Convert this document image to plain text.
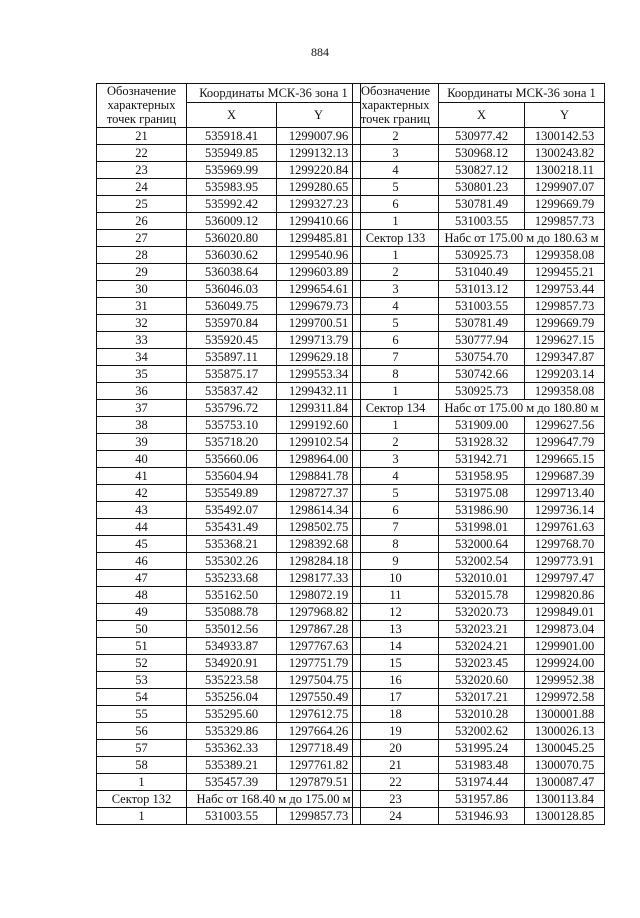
884
Обозначение характерных точек границ	Координаты МСК-36 зона 1	
	X	Y
21	535918.41	1299007.96
22	535949.85	1299132.13
23	535969.99	1299220.84
24	535983.95	1299280.65
25	535992.42	1299327.23
26	536009.12	1299410.66
27	536020.80	1299485.81
28	536030.62	1299540.96
29	536038.64	1299603.89
30	536046.03	1299654.61
31	536049.75	1299679.73
32	535970.84	1299700.51
33	535920.45	1299713.79
34	535897.11	1299629.18
35	535875.17	1299553.34
36	535837.42	1299432.11
37	535796.72	1299311.84
38	535753.10	1299192.60
39	535718.20	1299102.54
40	535660.06	1298964.00
41	535604.94	1298841.78
42	535549.89	1298727.37
43	535492.07	1298614.34
44	535431.49	1298502.75
45	535368.21	1298392.68
46	535302.26	1298284.18
47	535233.68	1298177.33
48	535162.50	1298072.19
49	535088.78	1297968.82
50	535012.56	1297867.28
51	534933.87	1297767.63
52	534920.91	1297751.79
53	535223.58	1297504.75
54	535256.04	1297550.49
55	535295.60	1297612.75
56	535329.86	1297664.26
57	535362.33	1297718.49
58	535389.21	1297761.82
1	535457.39	1297879.51
Сектор 132	Набс от 168.40 м до 175.00 м	

1	531003.55	1299857.73
Обозначение характерных точек границ	Координаты МСК-36 зона 1	
	X	Y
2	530977.42	1300142.53
3	530968.12	1300243.82
4	530827.12	1300218.11
5	530801.23	1299907.07
6	530781.49	1299669.79
1	531003.55	1299857.73
Сектор 133	Набс от 175.00 м до 180.63 м	

1	530925.73	1299358.08
2	531040.49	1299455.21
3	531013.12	1299753.44
4	531003.55	1299857.73
5	530781.49	1299669.79
6	530777.94	1299627.15
7	530754.70	1299347.87
8	530742.66	1299203.14
1	530925.73	1299358.08
Сектор 134	Набс от 175.00 м до 180.80 м	

1	531909.00	1299627.56
2	531928.32	1299647.79
3	531942.71	1299665.15
4	531958.95	1299687.39
5	531975.08	1299713.40
6	531986.90	1299736.14
7	531998.01	1299761.63
8	532000.64	1299768.70
9	532002.54	1299773.91
10	532010.01	1299797.47
11	532015.78	1299820.86
12	532020.73	1299849.01
13	532023.21	1299873.04
14	532024.21	1299901.00
15	532023.45	1299924.00
16	532020.60	1299952.38
17	532017.21	1299972.58
18	532010.28	1300001.88
19	532002.62	1300026.13
20	531995.24	1300045.25
21	531983.48	1300070.75
22	531974.44	1300087.47
23	531957.86	1300113.84
24	531946.93	1300128.85
